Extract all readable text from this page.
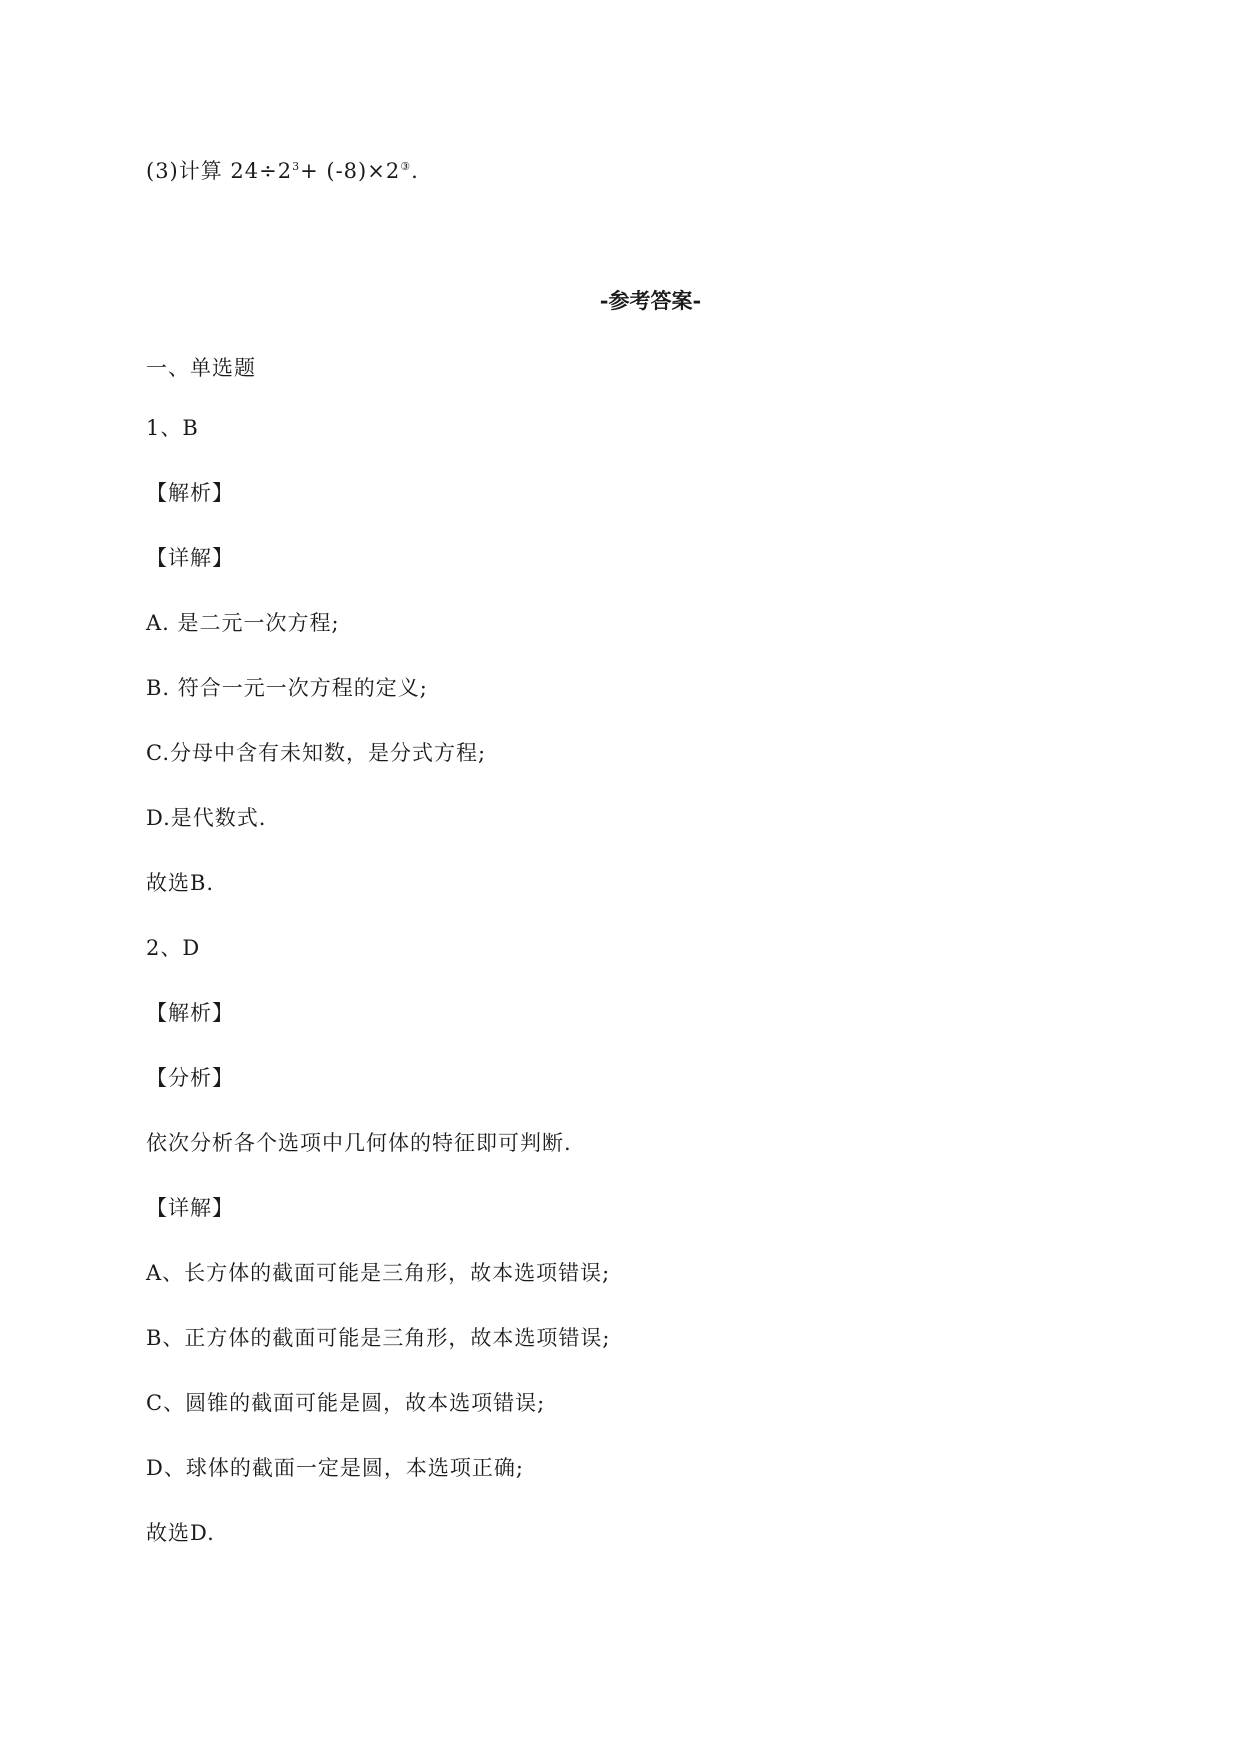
(3)计算 $24\div 2^3+ (-8)\times 2^③$.
-参考答案-
一、单选题
1、B
【解析】
【详解】
A. 是二元一次方程;
B. 符合一元一次方程的定义;
C.分母中含有未知数，是分式方程;
D.是代数式.
故选B.
2、D
【解析】
【分析】
依次分析各个选项中几何体的特征即可判断.
【详解】
A、长方体的截面可能是三角形，故本选项错误;
B、正方体的截面可能是三角形，故本选项错误;
C、圆锥的截面可能是圆，故本选项错误;
D、球体的截面一定是圆，本选项正确;
故选D.
